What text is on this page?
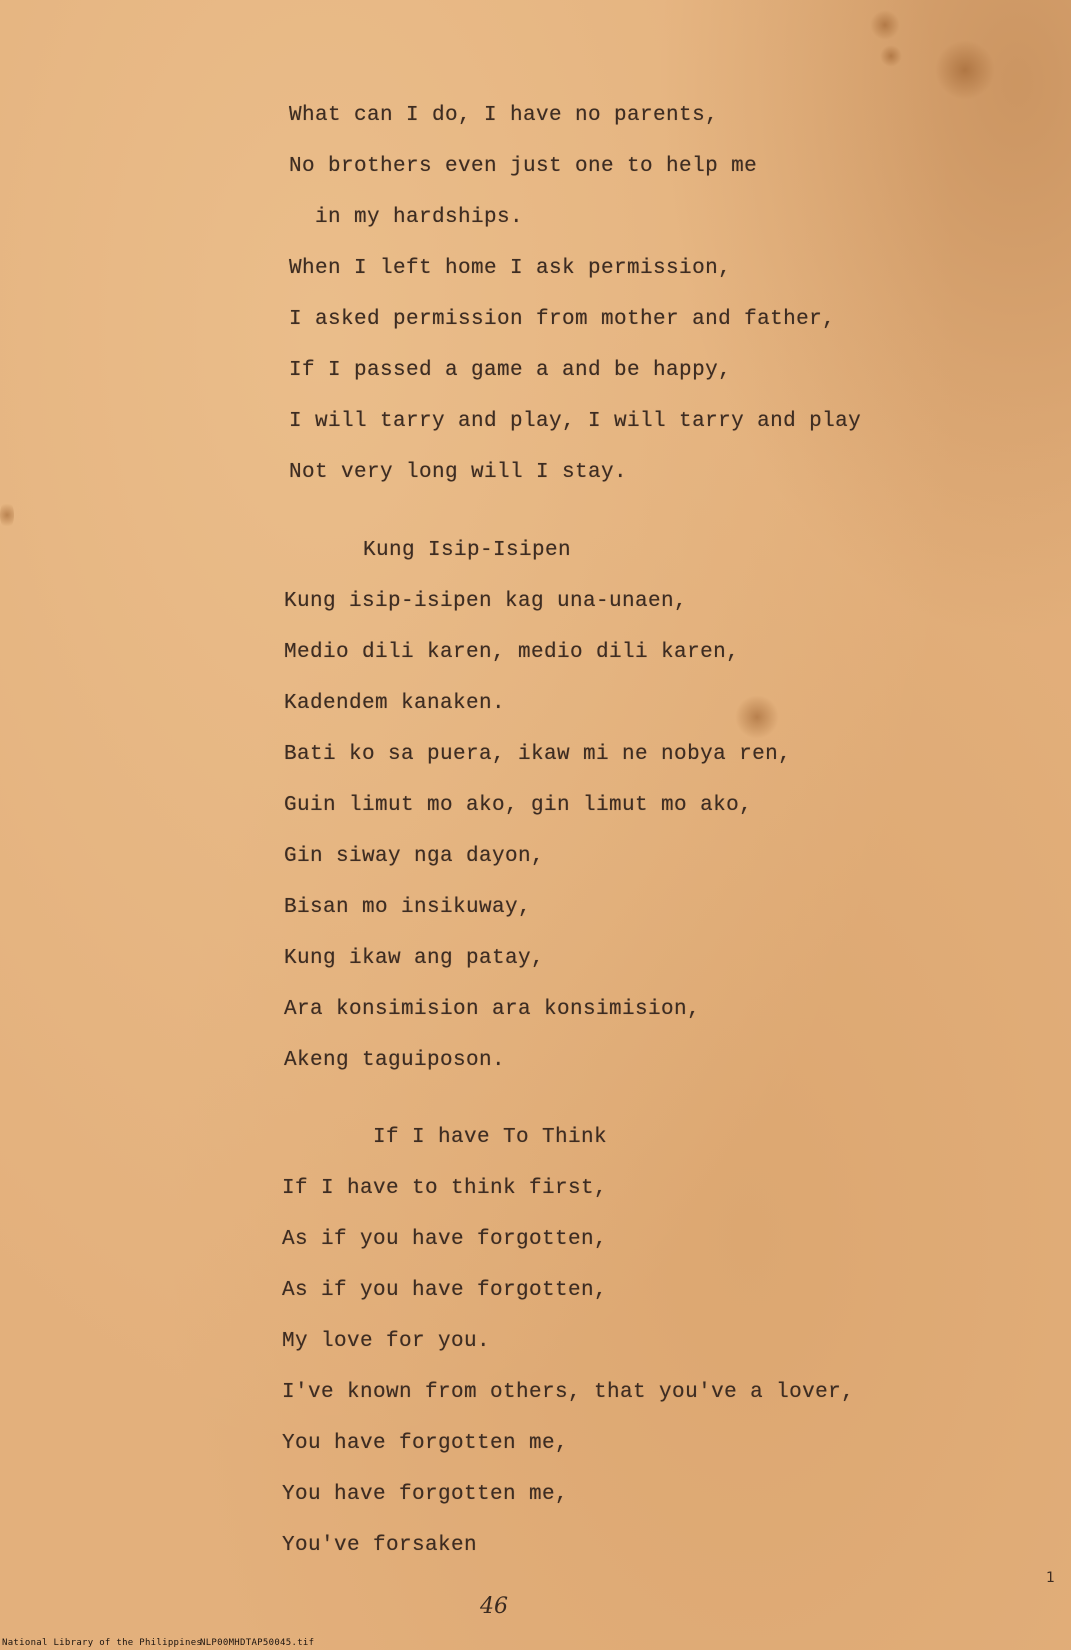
What can I do, I have no parents,
No brothers even just one to help me
in my hardships.
When I left home I ask permission,
I asked permission from mother and father,
If I passed a game a and be happy,
I will tarry and play, I will tarry and play
Not very long will I stay.
Kung Isip-Isipen
Kung isip-isipen kag una-unaen,
Medio dili karen, medio dili karen,
Kadendem kanaken.
Bati ko sa puera, ikaw mi ne nobya ren,
Guin limut mo ako, gin limut mo ako,
Gin siway nga dayon,
Bisan mo insikuway,
Kung ikaw ang patay,
Ara konsimision ara konsimision,
Akeng taguiposon.
If I have To Think
If I have to think first,
As if you have forgotten,
As if you have forgotten,
My love for you.
I've known from others, that you've a lover,
You have forgotten me,
You have forgotten me,
You've forsaken
1
46
National Library of the Philippines
NLP00MHDTAP50045.tif
